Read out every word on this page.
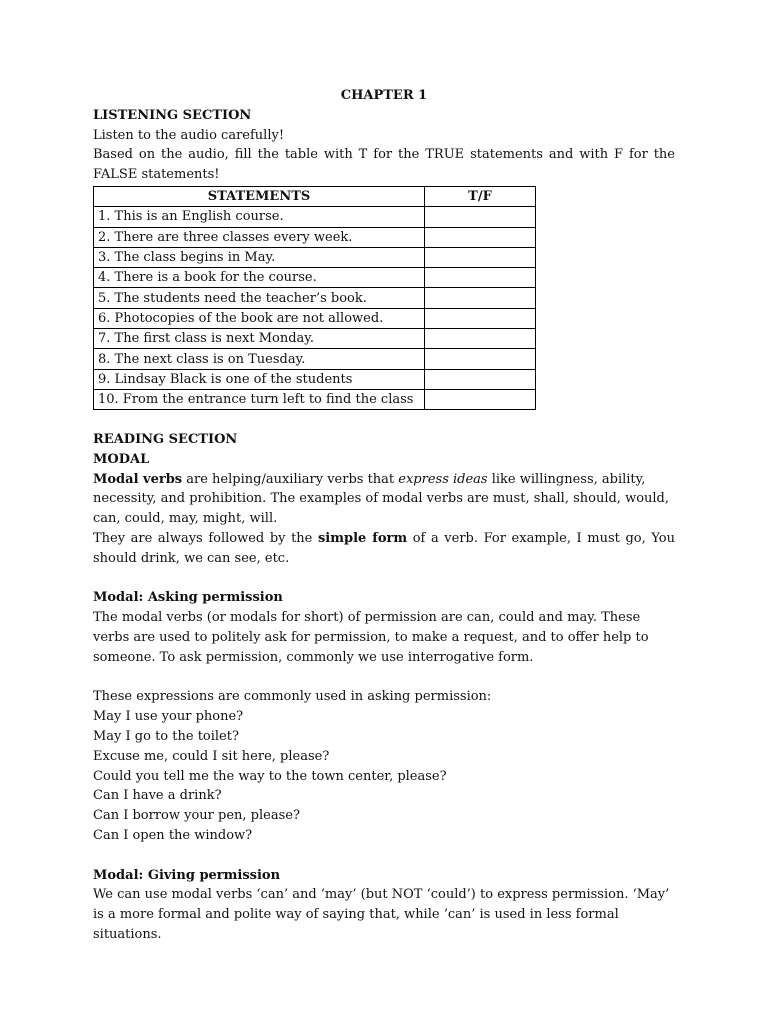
CHAPTER 1

LISTENING SECTION

Listen to the audio carefully!

Based on the audio, fill the table with T for the TRUE statements and with F for the FALSE statements!

STATEMENTS	T/F
1. This is an English course.	
2. There are three classes every week.	
3. The class begins in May.	
4. There is a book for the course.	
5. The students need the teacher’s book.	
6. Photocopies of the book are not allowed.	
7. The first class is next Monday.	
8. The next class is on Tuesday.	
9. Lindsay Black is one of the students	
10. From the entrance turn left to find the class	

READING SECTION

MODAL

Modal verbs are helping/auxiliary verbs that express ideas like willingness, ability, necessity, and prohibition. The examples of modal verbs are must, shall, should, would, can, could, may, might, will.

They are always followed by the simple form of a verb. For example, I must go, You should drink, we can see, etc.

Modal: Asking permission

The modal verbs (or modals for short) of permission are can, could and may. These verbs are used to politely ask for permission, to make a request, and to offer help to someone. To ask permission, commonly we use interrogative form.

These expressions are commonly used in asking permission:

May I use your phone?

May I go to the toilet?

Excuse me, could I sit here, please?

Could you tell me the way to the town center, please?

Can I have a drink?

Can I borrow your pen, please?

Can I open the window?

Modal: Giving permission

We can use modal verbs ‘can’ and ‘may’ (but NOT ‘could’) to express permission. ‘May’ is a more formal and polite way of saying that, while ‘can’ is used in less formal situations.
